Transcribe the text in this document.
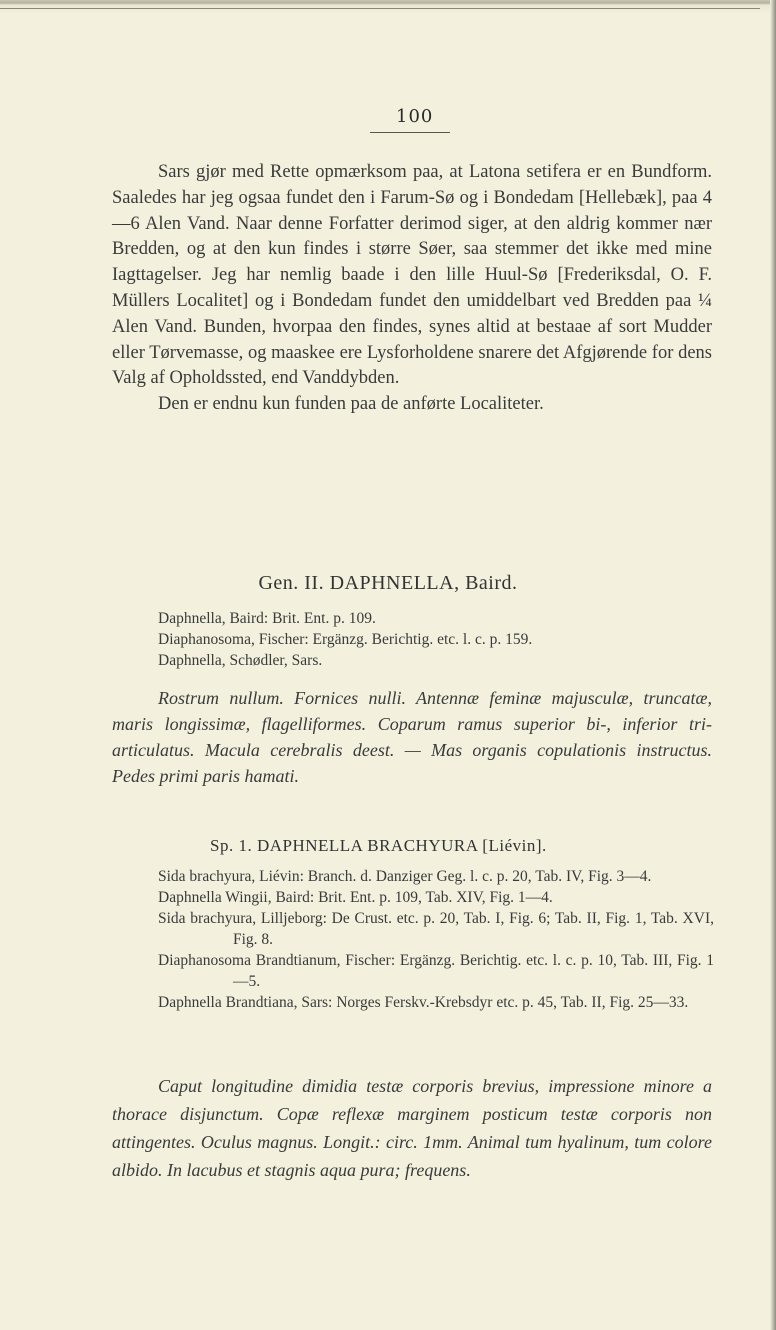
100

Sars gjør med Rette opmærksom paa, at Latona setifera er en Bundform. Saaledes har jeg ogsaa fundet den i Farum-Sø og i Bondedam [Hellebæk], paa 4—6 Alen Vand. Naar denne Forfatter derimod siger, at den aldrig kommer nær Bredden, og at den kun findes i større Søer, saa stemmer det ikke med mine Iagttagelser. Jeg har nemlig baade i den lille Huul-Sø [Frederiksdal, O. F. Müllers Localitet] og i Bondedam fundet den umiddelbart ved Bredden paa ¼ Alen Vand. Bunden, hvorpaa den findes, synes altid at bestaae af sort Mudder eller Tørvemasse, og maaskee ere Lysforholdene snarere det Afgjørende for dens Valg af Opholdssted, end Vanddybden.

Den er endnu kun funden paa de anførte Localiteter.

Gen. II. DAPHNELLA, Baird.
Daphnella, Baird: Brit. Ent. p. 109.
Diaphanosoma, Fischer: Ergänzg. Berichtig. etc. l. c. p. 159.
Daphnella, Schødler, Sars.

Rostrum nullum. Fornices nulli. Antennæ feminæ majusculæ, truncatæ, maris longissimæ, flagelliformes. Coparum ramus superior bi-, inferior tri-articulatus. Macula cerebralis deest. — Mas organis copulationis instructus. Pedes primi paris hamati.

Sp. 1. DAPHNELLA BRACHYURA [Liévin].
Sida brachyura, Liévin: Branch. d. Danziger Geg. l. c. p. 20, Tab. IV, Fig. 3—4.
Daphnella Wingii, Baird: Brit. Ent. p. 109, Tab. XIV, Fig. 1—4.
Sida brachyura, Lilljeborg: De Crust. etc. p. 20, Tab. I, Fig. 6; Tab. II, Fig. 1, Tab. XVI, Fig. 8.
Diaphanosoma Brandtianum, Fischer: Ergänzg. Berichtig. etc. l. c. p. 10, Tab. III, Fig. 1—5.
Daphnella Brandtiana, Sars: Norges Ferskv.-Krebsdyr etc. p. 45, Tab. II, Fig. 25—33.

Caput longitudine dimidia testæ corporis brevius, impressione minore a thorace disjunctum. Copæ reflexæ marginem posticum testæ corporis non attingentes. Oculus magnus. Longit.: circ. 1mm. Animal tum hyalinum, tum colore albido. In lacubus et stagnis aqua pura; frequens.
